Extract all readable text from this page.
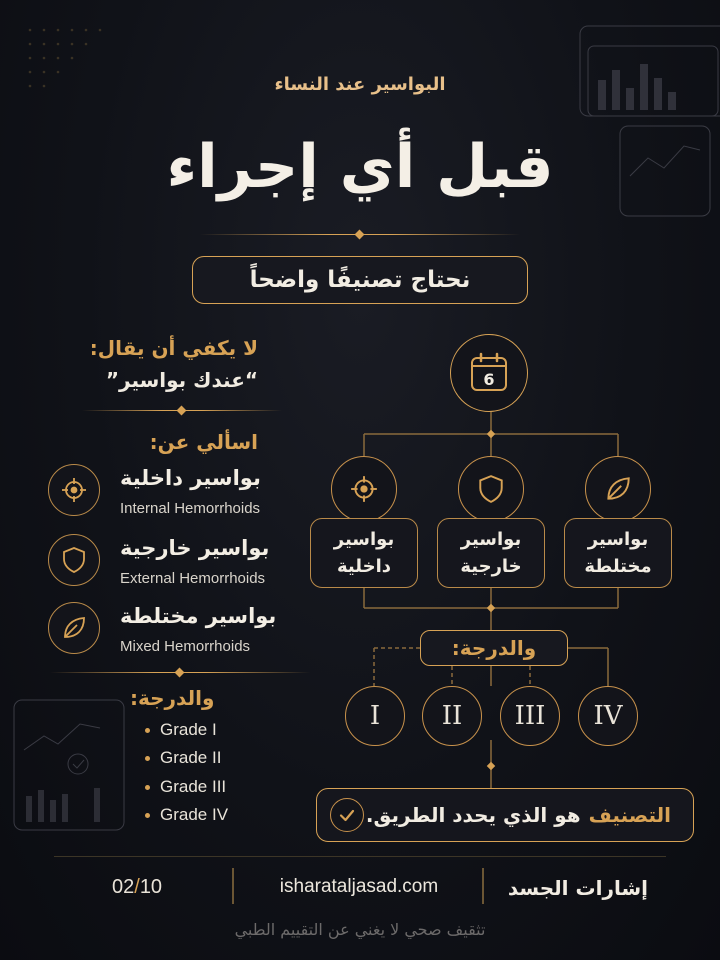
البواسير عند النساء
قبل أي إجراء
نحتاج تصنيفًا واضحاً
لا يكفي أن يقال:
“عندك بواسير”
اسألي عن:
بواسير داخلية
Internal Hemorrhoids
بواسير خارجية
External Hemorrhoids
بواسير مختلطة
Mixed Hemorrhoids
والدرجة:
Grade I
Grade II
Grade III
Grade IV
6
بواسير
داخلية
بواسير
خارجية
بواسير
مختلطة
والدرجة:
I II III IV
هو الذي يحدد الطريق. التصنيف
02/10	isharataljasad.com	إشارات الجسد
تثقيف صحي لا يغني عن التقييم الطبي
